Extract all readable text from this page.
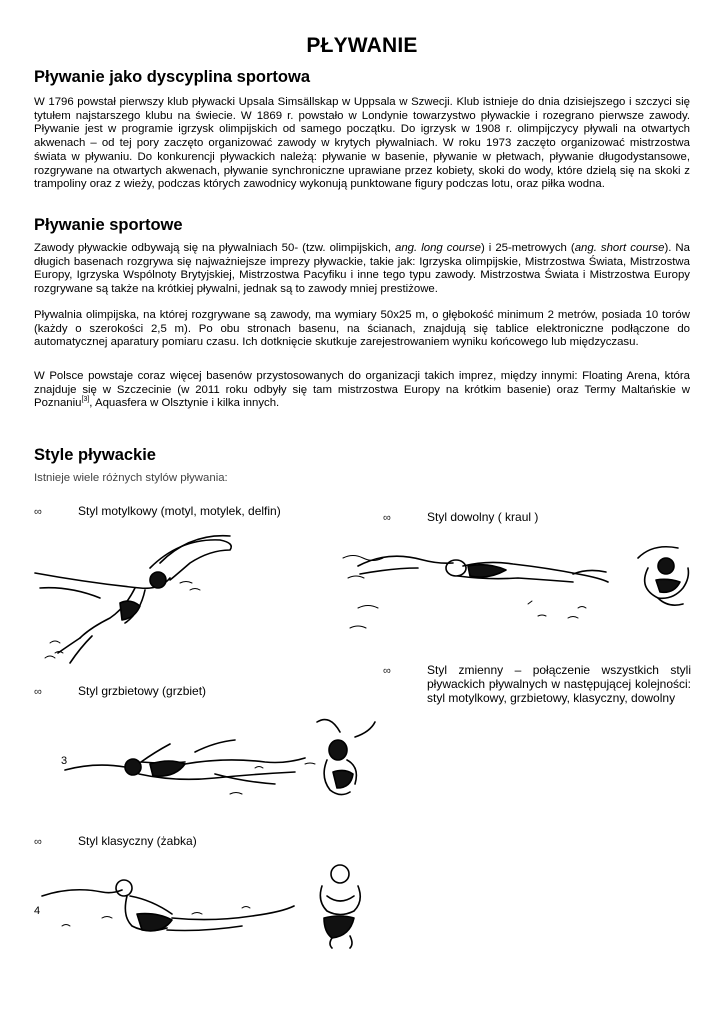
PŁYWANIE
Pływanie jako dyscyplina sportowa

W 1796 powstał pierwszy klub pływacki Upsala Simsällskap w Uppsala w Szwecji. Klub istnieje do dnia dzisiejszego i szczyci się tytułem najstarszego klubu na świecie. W 1869 r. powstało w Londynie towarzystwo pływackie i rozegrano pierwsze zawody. Pływanie jest w programie igrzysk olimpijskich od samego początku. Do igrzysk w 1908 r. olimpijczycy pływali na otwartych akwenach – od tej pory zaczęto organizować zawody w krytych pływalniach. W roku 1973 zaczęto organizować mistrzostwa świata w pływaniu. Do konkurencji pływackich należą: pływanie w basenie, pływanie w płetwach, pływanie długodystansowe, rozgrywane na otwartych akwenach, pływanie synchroniczne uprawiane przez kobiety, skoki do wody, które dzielą się na skoki z trampoliny oraz z wieży, podczas których zawodnicy wykonują punktowane figury podczas lotu, oraz piłka wodna.

Pływanie sportowe

Zawody pływackie odbywają się na pływalniach 50- (tzw. olimpijskich, ang. long course) i 25-metrowych (ang. short course). Na długich basenach rozgrywa się najważniejsze imprezy pływackie, takie jak: Igrzyska olimpijskie, Mistrzostwa Świata, Mistrzostwa Europy, Igrzyska Wspólnoty Brytyjskiej, Mistrzostwa Pacyfiku i inne tego typu zawody. Mistrzostwa Świata i Mistrzostwa Europy rozgrywane są także na krótkiej pływalni, jednak są to zawody mniej prestiżowe.

Pływalnia olimpijska, na której rozgrywane są zawody, ma wymiary 50x25 m, o głębokość minimum 2 metrów, posiada 10 torów (każdy o szerokości 2,5 m). Po obu stronach basenu, na ścianach, znajdują się tablice elektroniczne podłączone do automatycznej aparatury pomiaru czasu. Ich dotknięcie skutkuje zarejestrowaniem wyniku końcowego lub międzyczasu.

W Polsce powstaje coraz więcej basenów przystosowanych do organizacji takich imprez, między innymi: Floating Arena, która znajduje się w Szczecinie (w 2011 roku odbyły się tam mistrzostwa Europy na krótkim basenie) oraz Termy Maltańskie w Poznaniu[3], Aquasfera w Olsztynie i kilka innych.

Style pływackie
Istnieje wiele różnych stylów pływania:
∞	Styl motylkowy (motyl, motylek, delfin)	∞	Styl dowolny ( kraul )
∞	Styl grzbietowy (grzbiet)
∞	Styl zmienny – połączenie wszystkich styli pływackich pływalnych w następującej kolejności: styl motylkowy, grzbietowy, klasyczny, dowolny
∞	Styl klasyczny (żabka)
3
4
